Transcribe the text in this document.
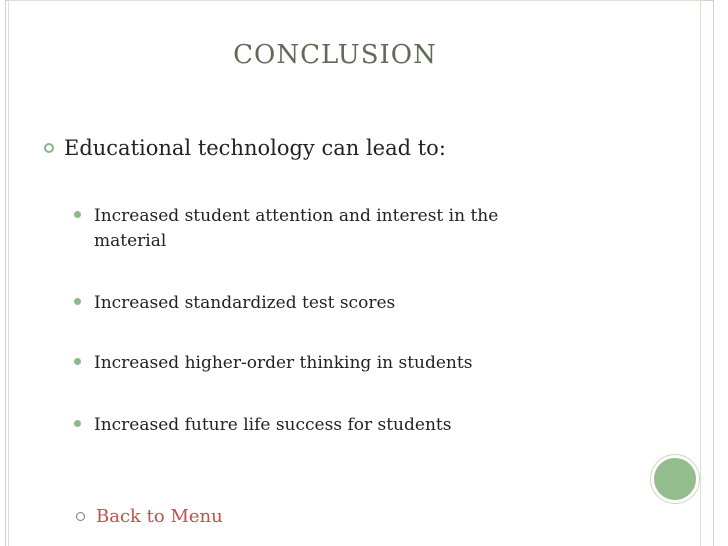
CONCLUSION
Educational technology can lead to:
Increased student attention and interest in the material
Increased standardized test scores
Increased higher-order thinking in students
Increased future life success for students
Back to Menu
